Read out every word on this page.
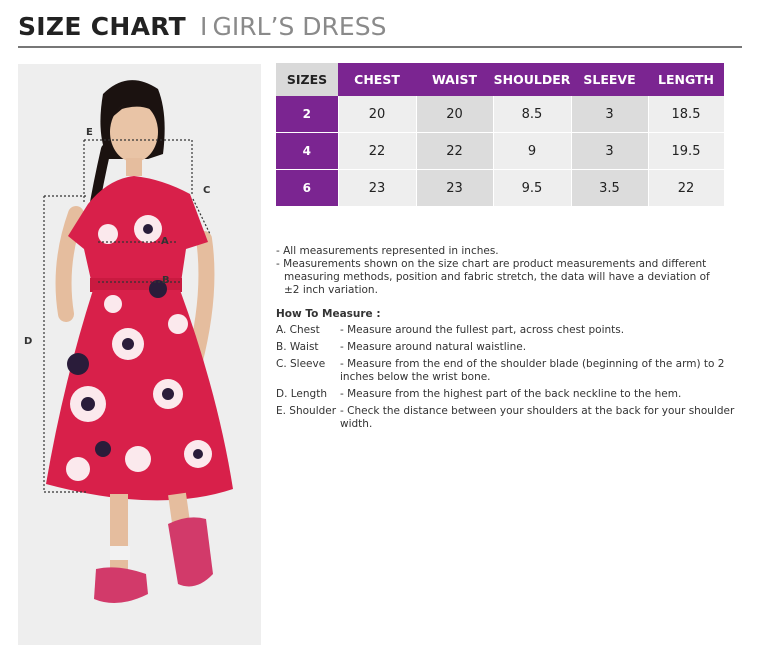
SIZE CHART I GIRL’S DRESS
E
C
D
A
B
SIZES	CHEST	WAIST	SHOULDER	SLEEVE	LENGTH
2	20	20	8.5	3	18.5
4	22	22	9	3	19.5
6	23	23	9.5	3.5	22

- All measurements represented in inches.

- Measurements shown on the size chart are product measurements and different

measuring methods, position and fabric stretch, the data will have a deviation of

±2 inch variation.

How To Measure :
A. Chest	- Measure around the fullest part, across chest points.
B. Waist	- Measure around natural waistline.
C. Sleeve	- Measure from the end of the shoulder blade (beginning of the arm) to 2 inches below the wrist bone.
D. Length	- Measure from the highest part of the back neckline to the hem.
E. Shoulder - Check the distance between your shoulders at the back for your shoulder width.
